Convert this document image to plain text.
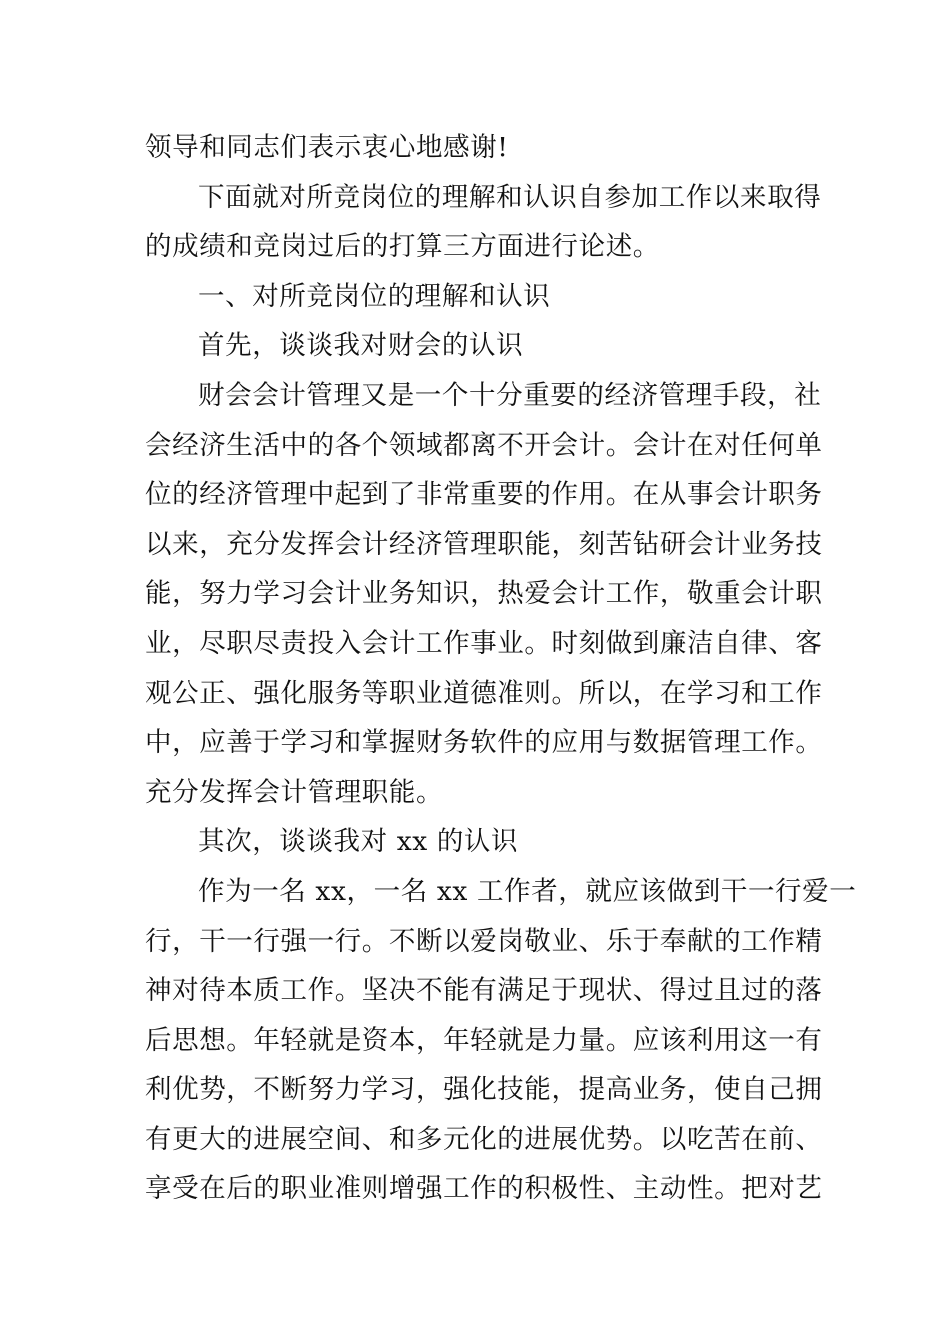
领导和同志们表示衷心地感谢!
下面就对所竞岗位的理解和认识自参加工作以来取得
的成绩和竞岗过后的打算三方面进行论述。
一、对所竞岗位的理解和认识
首先，谈谈我对财会的认识
财会会计管理又是一个十分重要的经济管理手段，社
会经济生活中的各个领域都离不开会计。会计在对任何单
位的经济管理中起到了非常重要的作用。在从事会计职务
以来，充分发挥会计经济管理职能，刻苦钻研会计业务技
能，努力学习会计业务知识，热爱会计工作，敬重会计职
业，尽职尽责投入会计工作事业。时刻做到廉洁自律、客
观公正、强化服务等职业道德准则。所以，在学习和工作
中，应善于学习和掌握财务软件的应用与数据管理工作。
充分发挥会计管理职能。
其次，谈谈我对 xx 的认识
作为一名 xx，一名 xx 工作者，就应该做到干一行爱一
行，干一行强一行。不断以爱岗敬业、乐于奉献的工作精
神对待本质工作。坚决不能有满足于现状、得过且过的落
后思想。年轻就是资本，年轻就是力量。应该利用这一有
利优势，不断努力学习，强化技能，提高业务，使自己拥
有更大的进展空间、和多元化的进展优势。以吃苦在前、
享受在后的职业准则增强工作的积极性、主动性。把对艺
